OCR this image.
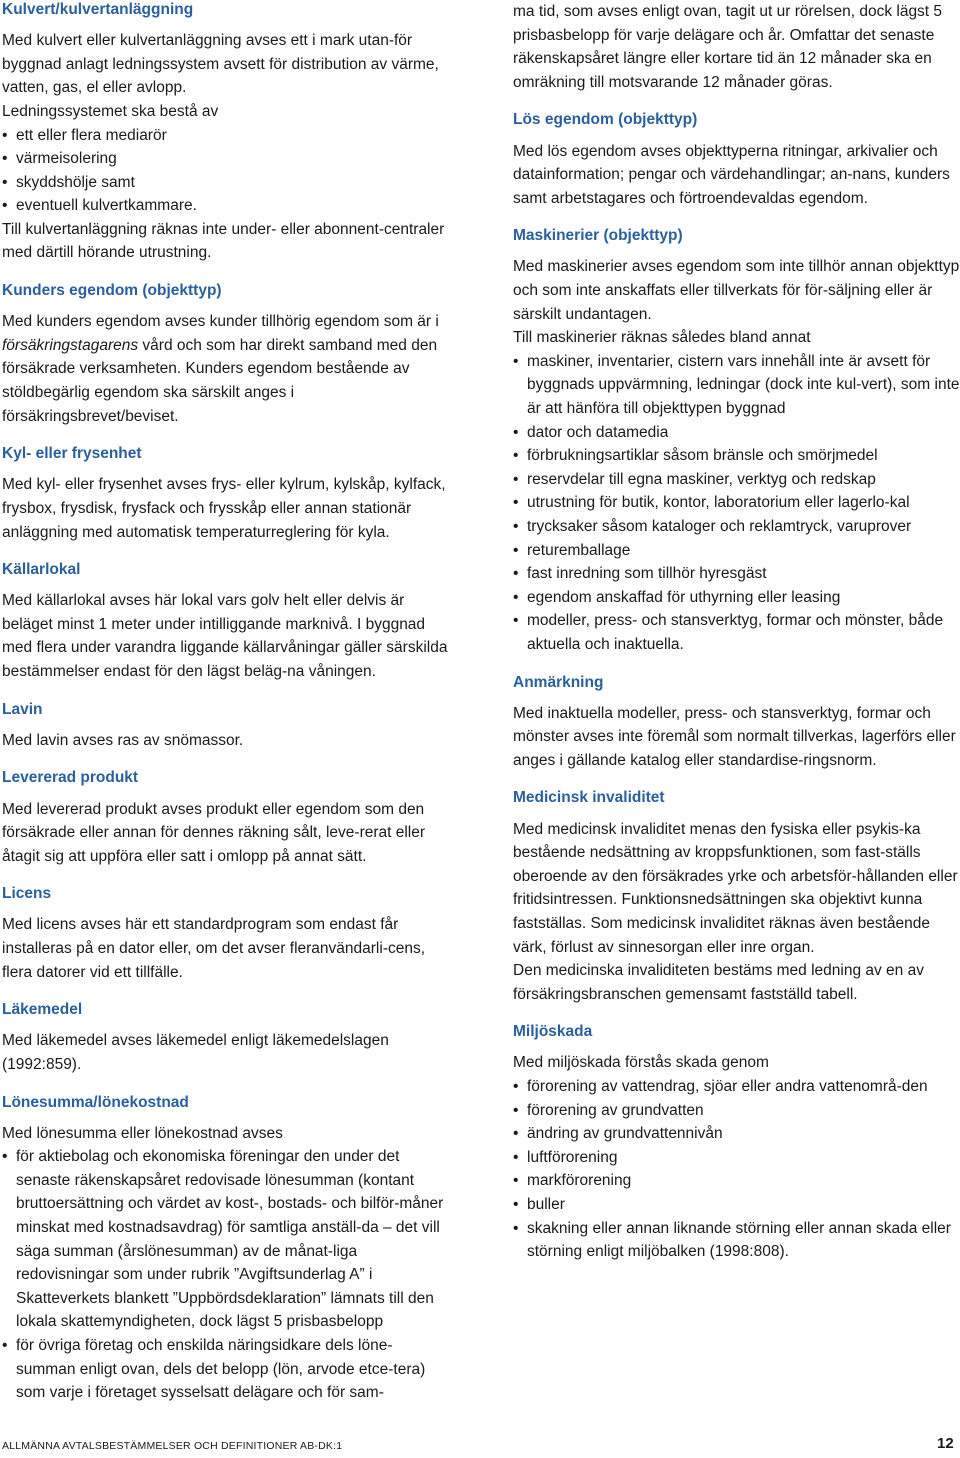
Kulvert/kulvertanläggning

Med kulvert eller kulvertanläggning avses ett i mark utan-för byggnad anlagt ledningssystem avsett för distribution av värme, vatten, gas, el eller avlopp.

Ledningssystemet ska bestå av

• ett eller flera mediarör
• värmeisolering
• skyddshölje samt
• eventuell kulvertkammare.

Till kulvertanläggning räknas inte under- eller abonnent-centraler med därtill hörande utrustning.

Kunders egendom (objekttyp)

Med kunders egendom avses kunder tillhörig egendom som är i försäkringstagarens vård och som har direkt samband med den försäkrade verksamheten. Kunders egendom bestående av stöldbegärlig egendom ska särskilt anges i försäkringsbrevet/beviset.

Kyl- eller frysenhet

Med kyl- eller frysenhet avses frys- eller kylrum, kylskåp, kylfack, frysbox, frysdisk, frysfack och frysskåp eller annan stationär anläggning med automatisk temperaturreglering för kyla.

Källarlokal

Med källarlokal avses här lokal vars golv helt eller delvis är beläget minst 1 meter under intilliggande marknivå. I byggnad med flera under varandra liggande källarvåningar gäller särskilda bestämmelser endast för den lägst beläg-na våningen.

Lavin

Med lavin avses ras av snömassor.

Levererad produkt

Med levererad produkt avses produkt eller egendom som den försäkrade eller annan för dennes räkning sålt, leve-rerat eller åtagit sig att uppföra eller satt i omlopp på annat sätt.

Licens

Med licens avses här ett standardprogram som endast får installeras på en dator eller, om det avser fleranvändarli-cens, flera datorer vid ett tillfälle.

Läkemedel

Med läkemedel avses läkemedel enligt läkemedelslagen (1992:859).

Lönesumma/lönekostnad

Med lönesumma eller lönekostnad avses

• för aktiebolag och ekonomiska föreningar den under det senaste räkenskapsåret redovisade lönesumman (kontant bruttoersättning och värdet av kost-, bostads- och bilför-måner minskat med kostnadsavdrag) för samtliga anställ-da – det vill säga summan (årslönesumman) av de månat-liga redovisningar som under rubrik ”Avgiftsunderlag A” i Skatteverkets blankett ”Uppbördsdeklaration” lämnats till den lokala skattemyndigheten, dock lägst 5 prisbasbelopp
• för övriga företag och enskilda näringsidkare dels löne-summan enligt ovan, dels det belopp (lön, arvode etce-tera) som varje i företaget sysselsatt delägare och för sam-

ma tid, som avses enligt ovan, tagit ut ur rörelsen, dock lägst 5 prisbasbelopp för varje delägare och år. Omfattar det senaste räkenskapsåret längre eller kortare tid än 12 månader ska en omräkning till motsvarande 12 månader göras.

Lös egendom (objekttyp)

Med lös egendom avses objekttyperna ritningar, arkivalier och datainformation; pengar och värdehandlingar; an-nans, kunders samt arbetstagares och förtroendevaldas egendom.

Maskinerier (objekttyp)

Med maskinerier avses egendom som inte tillhör annan objekttyp och som inte anskaffats eller tillverkats för för-säljning eller är särskilt undantagen.

Till maskinerier räknas således bland annat

• maskiner, inventarier, cistern vars innehåll inte är avsett för byggnads uppvärmning, ledningar (dock inte kul-vert), som inte är att hänföra till objekttypen byggnad
• dator och datamedia
• förbrukningsartiklar såsom bränsle och smörjmedel
• reservdelar till egna maskiner, verktyg och redskap
• utrustning för butik, kontor, laboratorium eller lagerlo-kal
• trycksaker såsom kataloger och reklamtryck, varuprover
• returemballage
• fast inredning som tillhör hyresgäst
• egendom anskaffad för uthyrning eller leasing
• modeller, press- och stansverktyg, formar och mönster, både aktuella och inaktuella.
Anmärkning

Med inaktuella modeller, press- och stansverktyg, formar och mönster avses inte föremål som normalt tillverkas, lagerförs eller anges i gällande katalog eller standardise-ringsnorm.

Medicinsk invaliditet

Med medicinsk invaliditet menas den fysiska eller psykis-ka bestående nedsättning av kroppsfunktionen, som fast-ställs oberoende av den försäkrades yrke och arbetsför-hållanden eller fritidsintressen. Funktionsnedsättningen ska objektivt kunna fastställas. Som medicinsk invaliditet räknas även bestående värk, förlust av sinnesorgan eller inre organ.

Den medicinska invaliditeten bestäms med ledning av en av försäkringsbranschen gemensamt fastställd tabell.

Miljöskada

Med miljöskada förstås skada genom

• förorening av vattendrag, sjöar eller andra vattenområ-den
• förorening av grundvatten
• ändring av grundvattennivån
• luftförorening
• markförorening
• buller
• skakning eller annan liknande störning eller annan skada eller störning enligt miljöbalken (1998:808).
ALLMÄNNA AVTALSBESTÄMMELSER OCH DEFINITIONER AB-DK:1	12
